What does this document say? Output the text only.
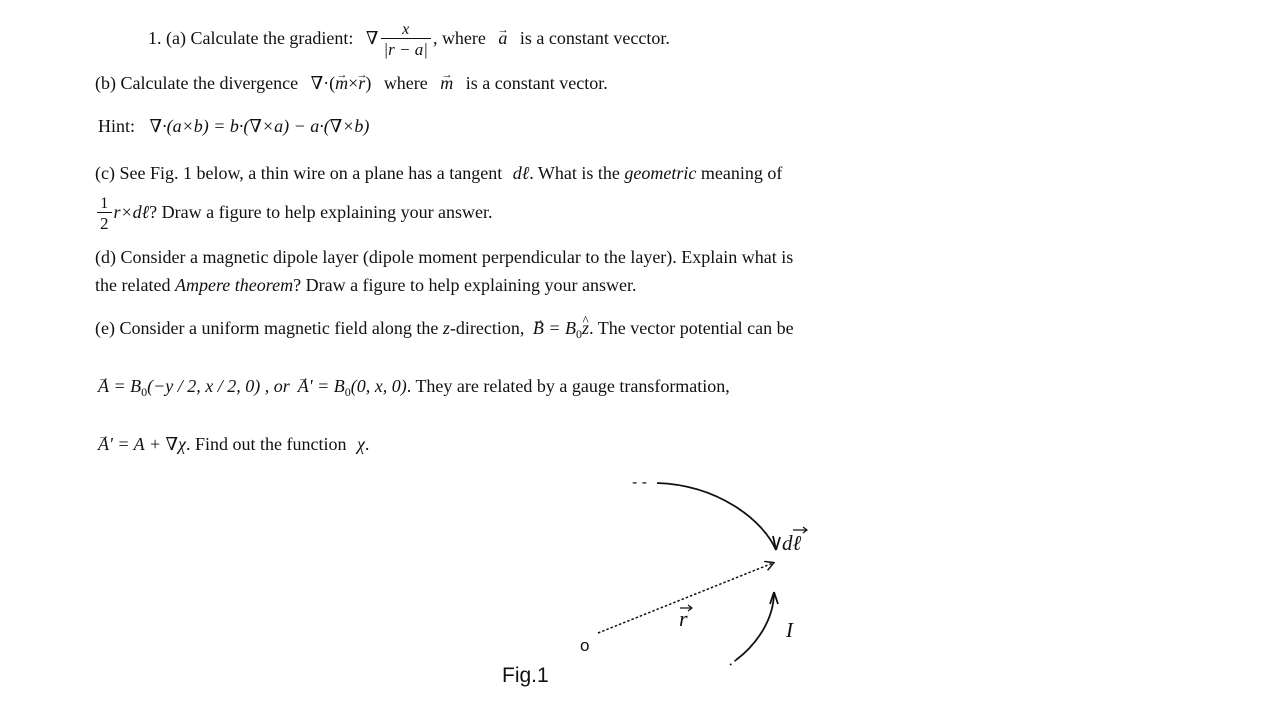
1. (a) Calculate the gradient: ∇ $\frac{x}{|r - a|}$ , where → a is a constant vecctor.
(b) Calculate the divergence ∇·(→ m×→ r) where → m is a constant vector.
Hint: ∇·(a×b) = b·(∇×a) − a·(∇×b)
(c) See Fig. 1 below, a thin wire on a plane has a tangent dℓ. What is the geometric meaning of
$\frac{1}{2}$ r×dℓ? Draw a figure to help explaining your answer.
(d) Consider a magnetic dipole layer (dipole moment perpendicular to the layer). Explain what is
the related Ampere theorem? Draw a figure to help explaining your answer.
(e) Consider a uniform magnetic field along the z-direction, → $B = B_0\^{}$ z. The vector potential can be
→ $A = B_0(-y / 2$, x / 2, 0) , $or\to A' = B_0(0$, x, 0). They are related by a gauge transformation,
→ A' = A + ∇χ. Find out the function χ.
- -
o
r
dℓ
I
Fig.1
